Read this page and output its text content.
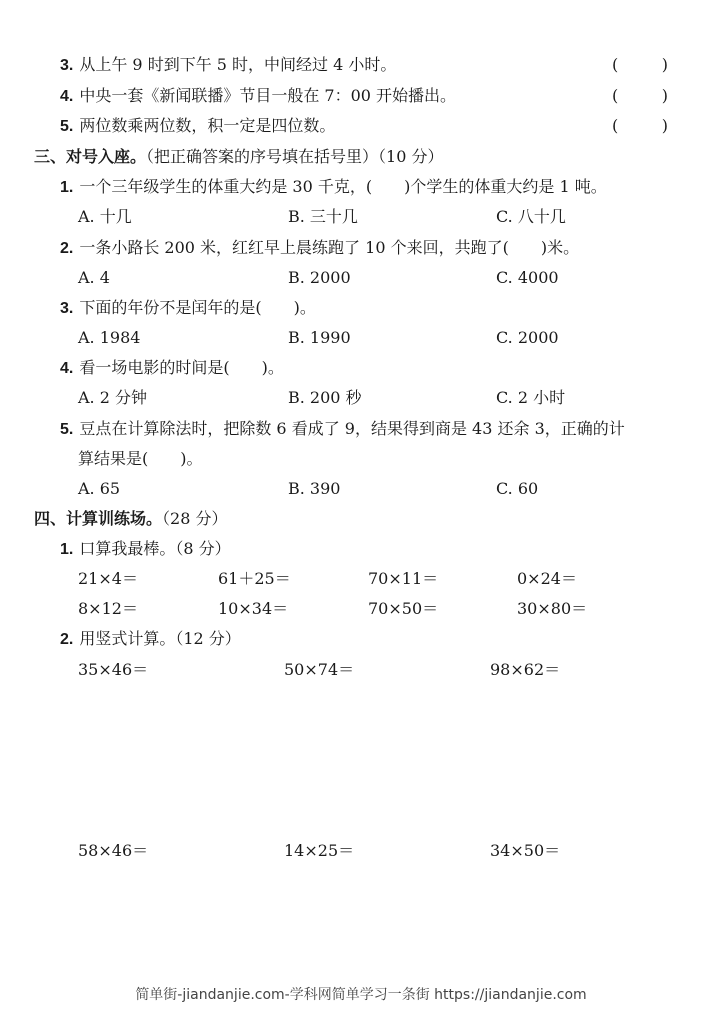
3. 从上午 9 时到下午 5 时，中间经过 4 小时。	(	)
4. 中央一套《新闻联播》节目一般在 7：00 开始播出。	(	)
5. 两位数乘两位数，积一定是四位数。	(	)
三、对号入座。（把正确答案的序号填在括号里）（10 分）
1. 一个三年级学生的体重大约是 30 千克，(　　)个学生的体重大约是 1 吨。
A. 十几	B. 三十几	C. 八十几
2. 一条小路长 200 米，红红早上晨练跑了 10 个来回，共跑了(　　)米。
A. 4	B. 2000	C. 4000
3. 下面的年份不是闰年的是(　　)。
A. 1984	B. 1990	C. 2000
4. 看一场电影的时间是(　　)。
A. 2 分钟	B. 200 秒	C. 2 小时
5. 豆点在计算除法时，把除数 6 看成了 9，结果得到商是 43 还余 3，正确的计
算结果是(　　)。
A. 65	B. 390	C. 60
四、计算训练场。（28 分）
1. 口算我最棒。（8 分）
21×4＝	61＋25＝	70×11＝	0×24＝
8×12＝	10×34＝	70×50＝	30×80＝
2. 用竖式计算。（12 分）
35×46＝	50×74＝	98×62＝
58×46＝	14×25＝	34×50＝
简单街-jiandanjie.com-学科网简单学习一条街 https://jiandanjie.com
